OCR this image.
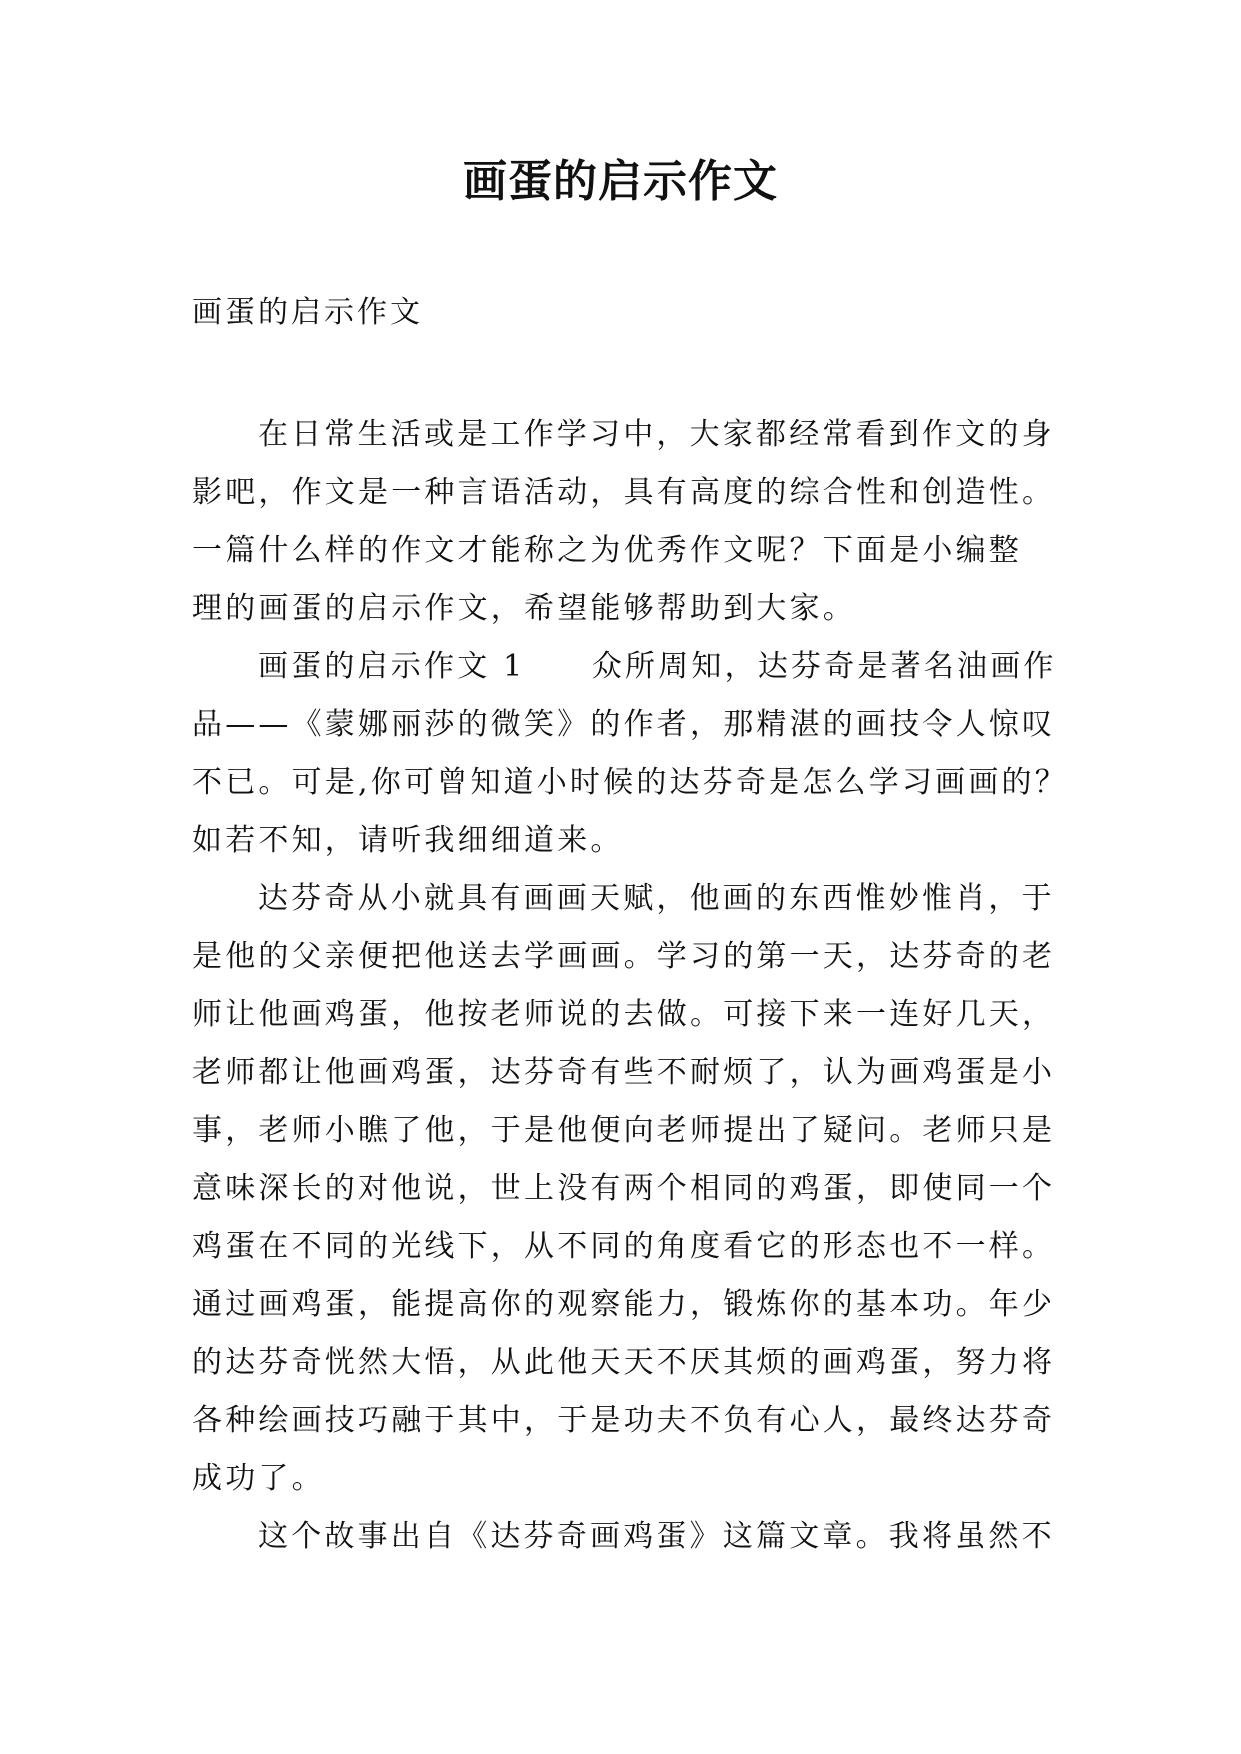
画蛋的启示作文

画蛋的启示作文

在日常生活或是工作学习中，大家都经常看到作文的身
影吧，作文是一种言语活动，具有高度的综合性和创造性。
一篇什么样的作文才能称之为优秀作文呢？下面是小编整
理的画蛋的启示作文，希望能够帮助到大家。
画蛋的启示作文 1　　众所周知，达芬奇是著名油画作
品——《蒙娜丽莎的微笑》的作者，那精湛的画技令人惊叹
不已。可是,你可曾知道小时候的达芬奇是怎么学习画画的？
如若不知，请听我细细道来。
达芬奇从小就具有画画天赋，他画的东西惟妙惟肖，于
是他的父亲便把他送去学画画。学习的第一天，达芬奇的老
师让他画鸡蛋，他按老师说的去做。可接下来一连好几天，
老师都让他画鸡蛋，达芬奇有些不耐烦了，认为画鸡蛋是小
事，老师小瞧了他，于是他便向老师提出了疑问。老师只是
意味深长的对他说，世上没有两个相同的鸡蛋，即使同一个
鸡蛋在不同的光线下，从不同的角度看它的形态也不一样。
通过画鸡蛋，能提高你的观察能力，锻炼你的基本功。年少
的达芬奇恍然大悟，从此他天天不厌其烦的画鸡蛋，努力将
各种绘画技巧融于其中，于是功夫不负有心人，最终达芬奇
成功了。
这个故事出自《达芬奇画鸡蛋》这篇文章。我将虽然不
